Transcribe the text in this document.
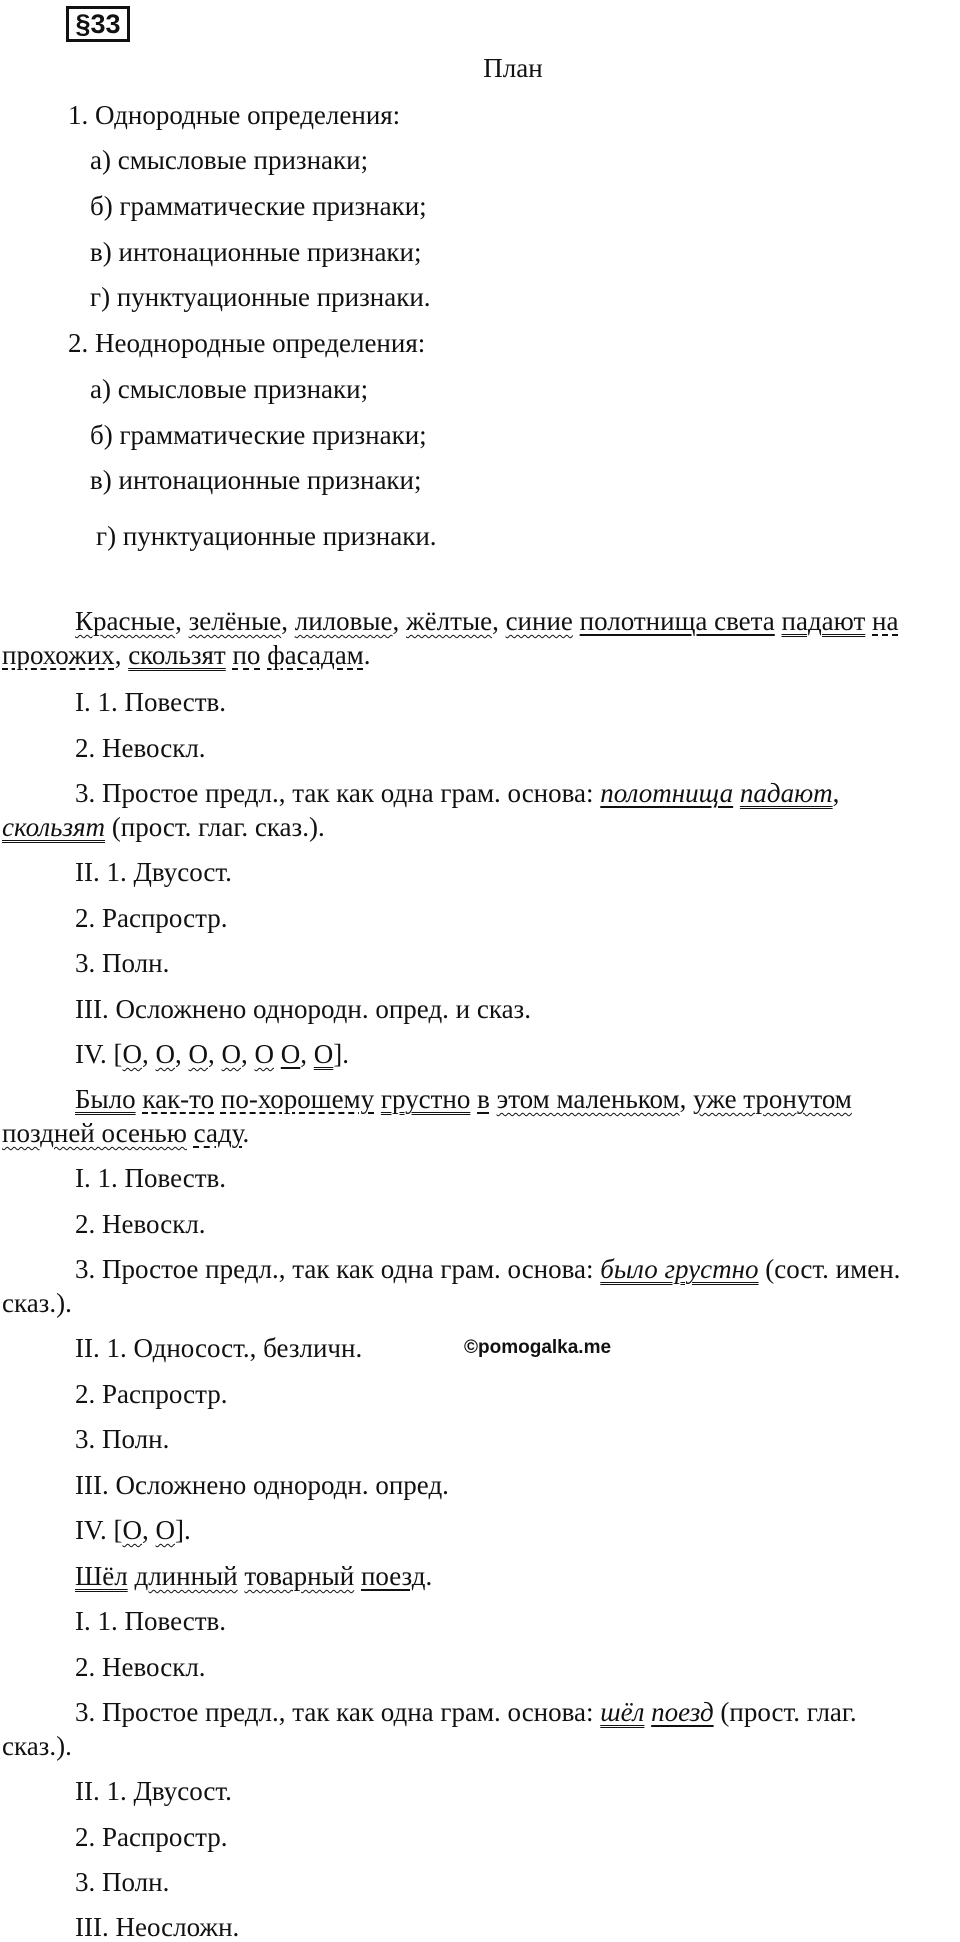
§33
План
1. Однородные определения:
а) смысловые признаки;
б) грамматические признаки;
в) интонационные признаки;
г) пунктуационные признаки.
2. Неоднородные определения:
а) смысловые признаки;
б) грамматические признаки;
в) интонационные признаки;
г) пунктуационные признаки.
Красные, зелёные, лиловые, жёлтые, синие полотнища света падают на
прохожих, скользят по фасадам.
I. 1. Повеств.
2. Невоскл.
3. Простое предл., так как одна грам. основа: полотнища падают,
скользят (прост. глаг. сказ.).
II. 1. Двусост.
2. Распростр.
3. Полн.
III. Осложнено однородн. опред. и сказ.
IV. [О, О, О, О, О О, О].
Было как-то по-хорошему грустно в этом маленьком, уже тронутом
поздней осенью саду.
I. 1. Повеств.
2. Невоскл.
3. Простое предл., так как одна грам. основа: было грустно (сост. имен.
сказ.).
II. 1. Односост., безличн.	©pomogalka.me
2. Распростр.
3. Полн.
III. Осложнено однородн. опред.
IV. [О, О].
Шёл длинный товарный поезд.
I. 1. Повеств.
2. Невоскл.
3. Простое предл., так как одна грам. основа: шёл поезд (прост. глаг.
сказ.).
II. 1. Двусост.
2. Распростр.
3. Полн.
III. Неосложн.
